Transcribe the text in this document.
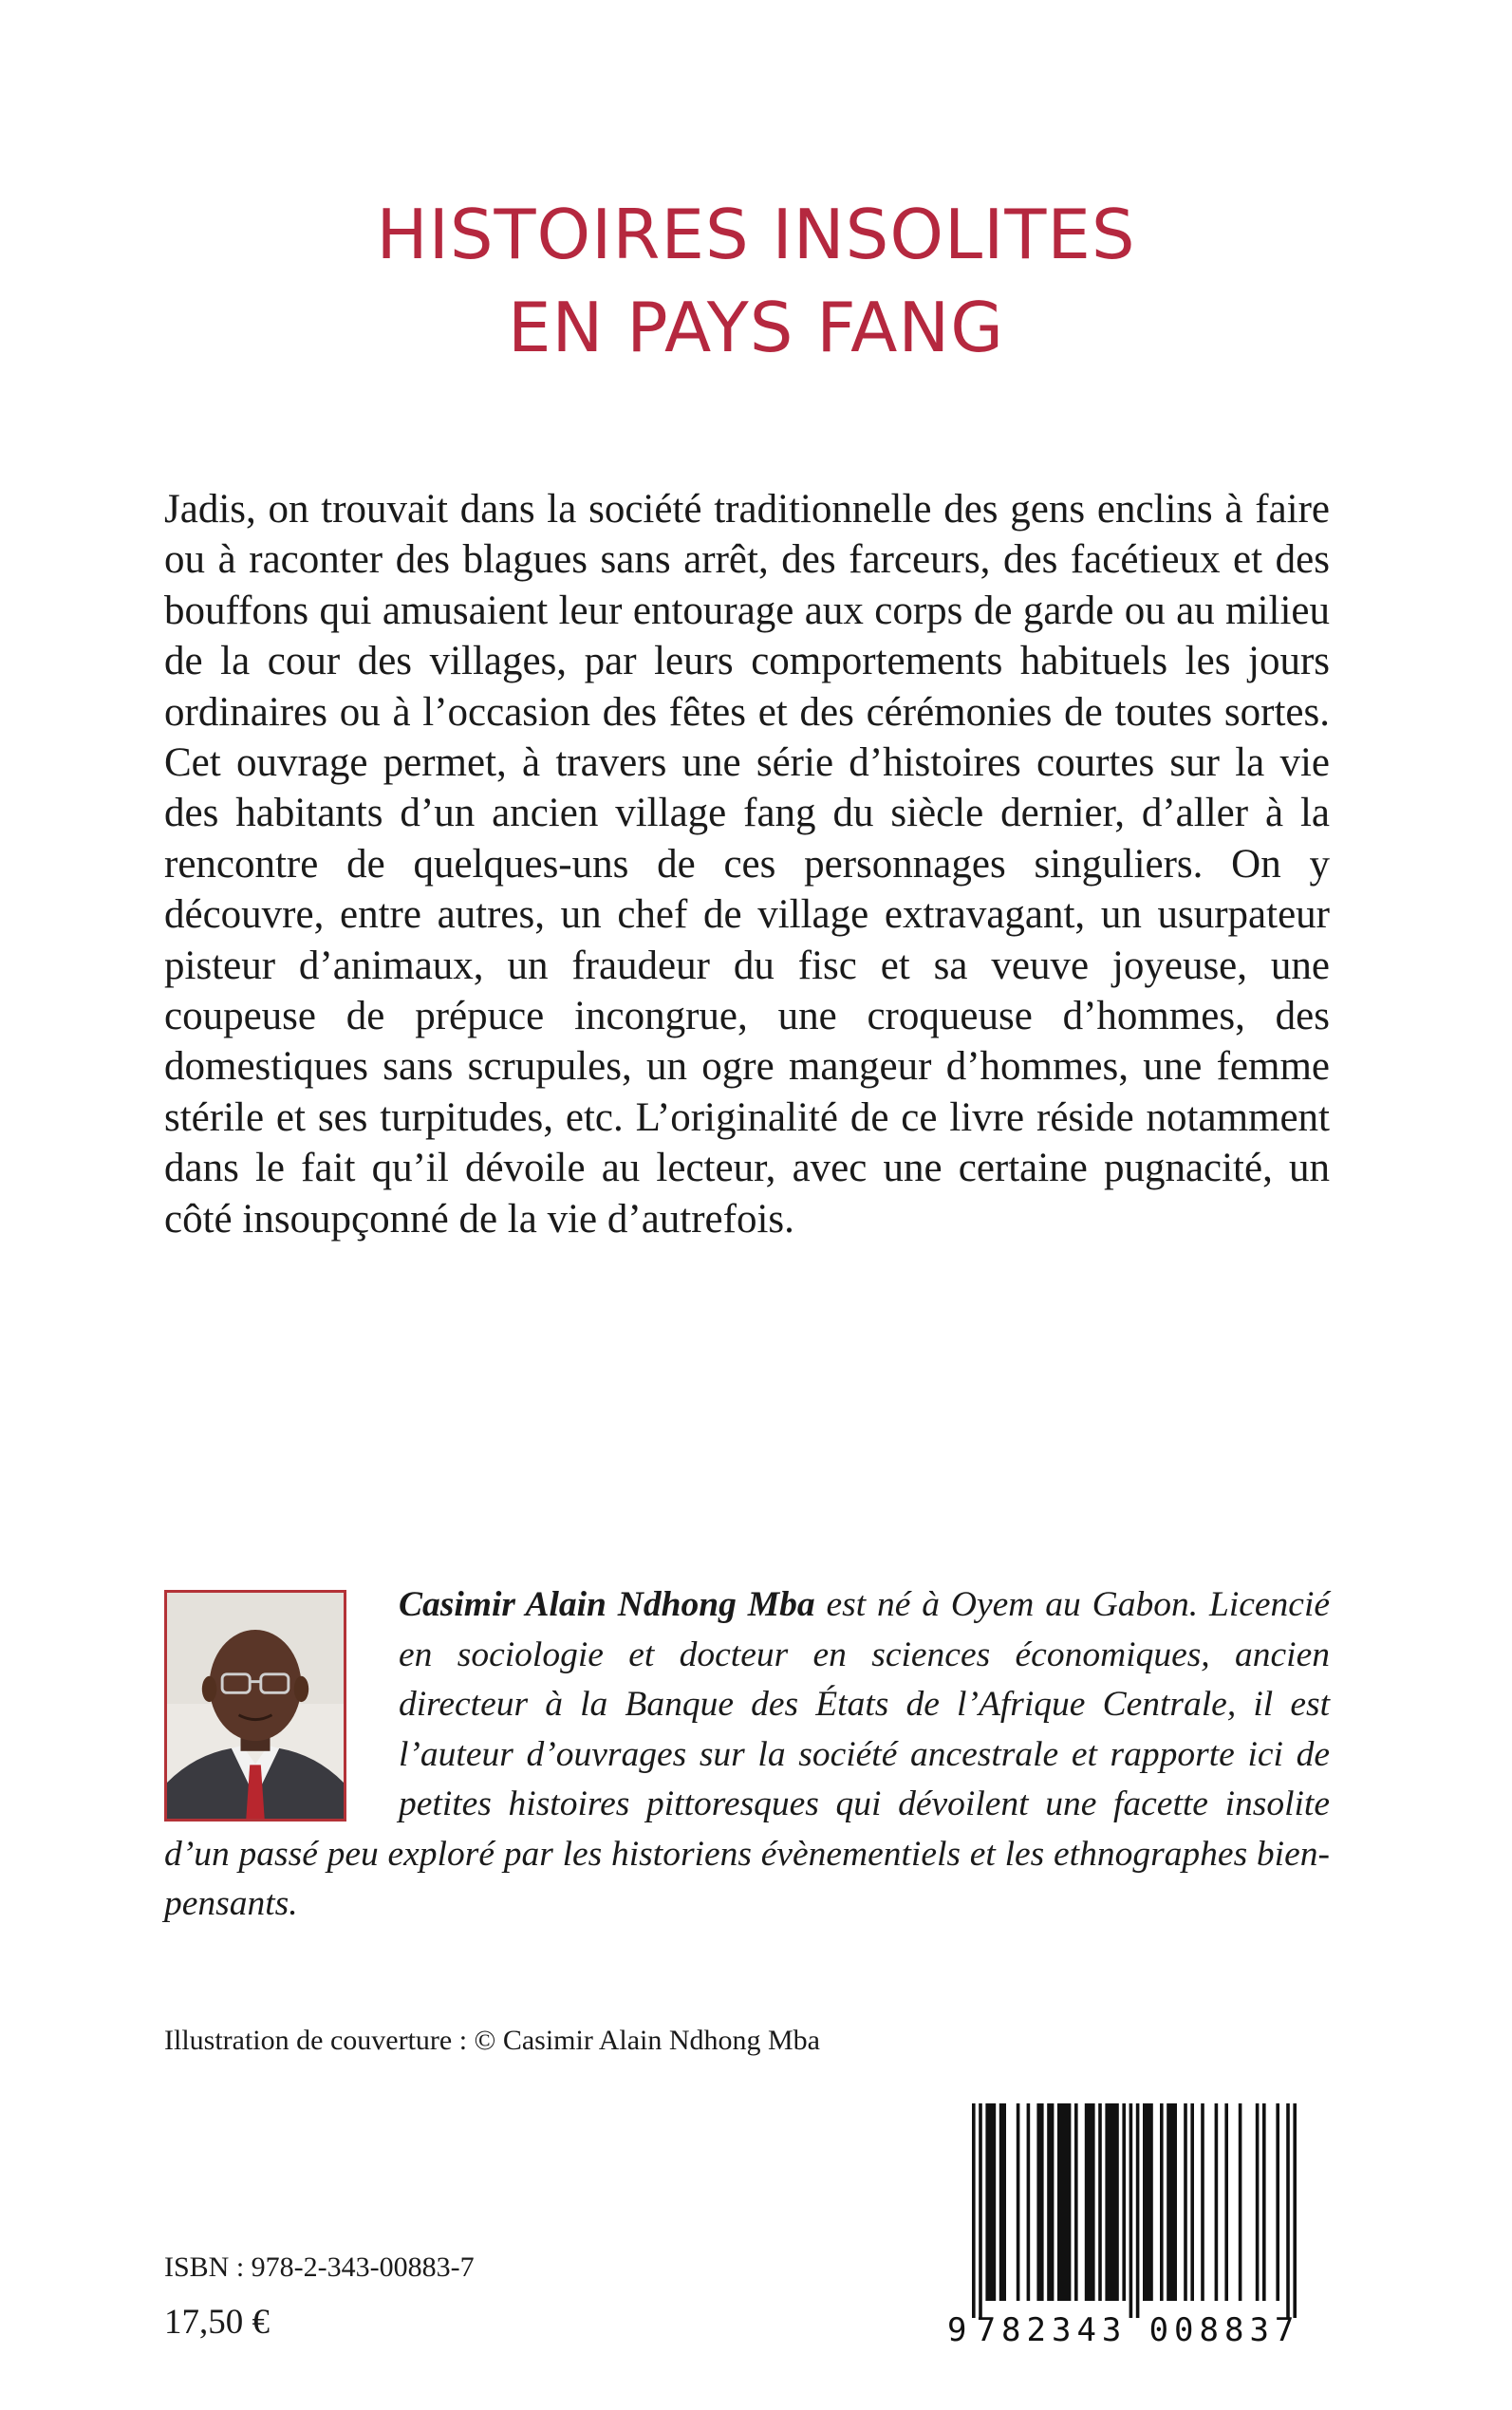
HISTOIRES INSOLITES
EN PAYS FANG

Jadis, on trouvait dans la société traditionnelle des gens enclins à faire ou à raconter des blagues sans arrêt, des farceurs, des facétieux et des bouffons qui amusaient leur entourage aux corps de garde ou au milieu de la cour des villages, par leurs comportements habituels les jours ordinaires ou à l’occasion des fêtes et des cérémonies de toutes sortes. Cet ouvrage permet, à travers une série d’histoires courtes sur la vie des habitants d’un ancien village fang du siècle dernier, d’aller à la rencontre de quelques-uns de ces personnages singuliers. On y découvre, entre autres, un chef de village extravagant, un usurpateur pisteur d’animaux, un fraudeur du fisc et sa veuve joyeuse, une coupeuse de prépuce incongrue, une croqueuse d’hommes, des domestiques sans scrupules, un ogre mangeur d’hommes, une femme stérile et ses turpitudes, etc. L’originalité de ce livre réside notamment dans le fait qu’il dévoile au lecteur, avec une certaine pugnacité, un côté insoupçonné de la vie d’autrefois.

Casimir Alain Ndhong Mba est né à Oyem au Gabon. Licencié en sociologie et docteur en sciences économiques, ancien directeur à la Banque des États de l’Afrique Centrale, il est l’auteur d’ouvrages sur la société ancestrale et rapporte ici de petites histoires pittoresques qui dévoilent une facette insolite d’un passé peu exploré par les historiens évènementiels et les ethnographes bien-pensants.
Illustration de couverture : © Casimir Alain Ndhong Mba
ISBN : 978-2-343-00883-7
17,50 €	9 782343 008837
